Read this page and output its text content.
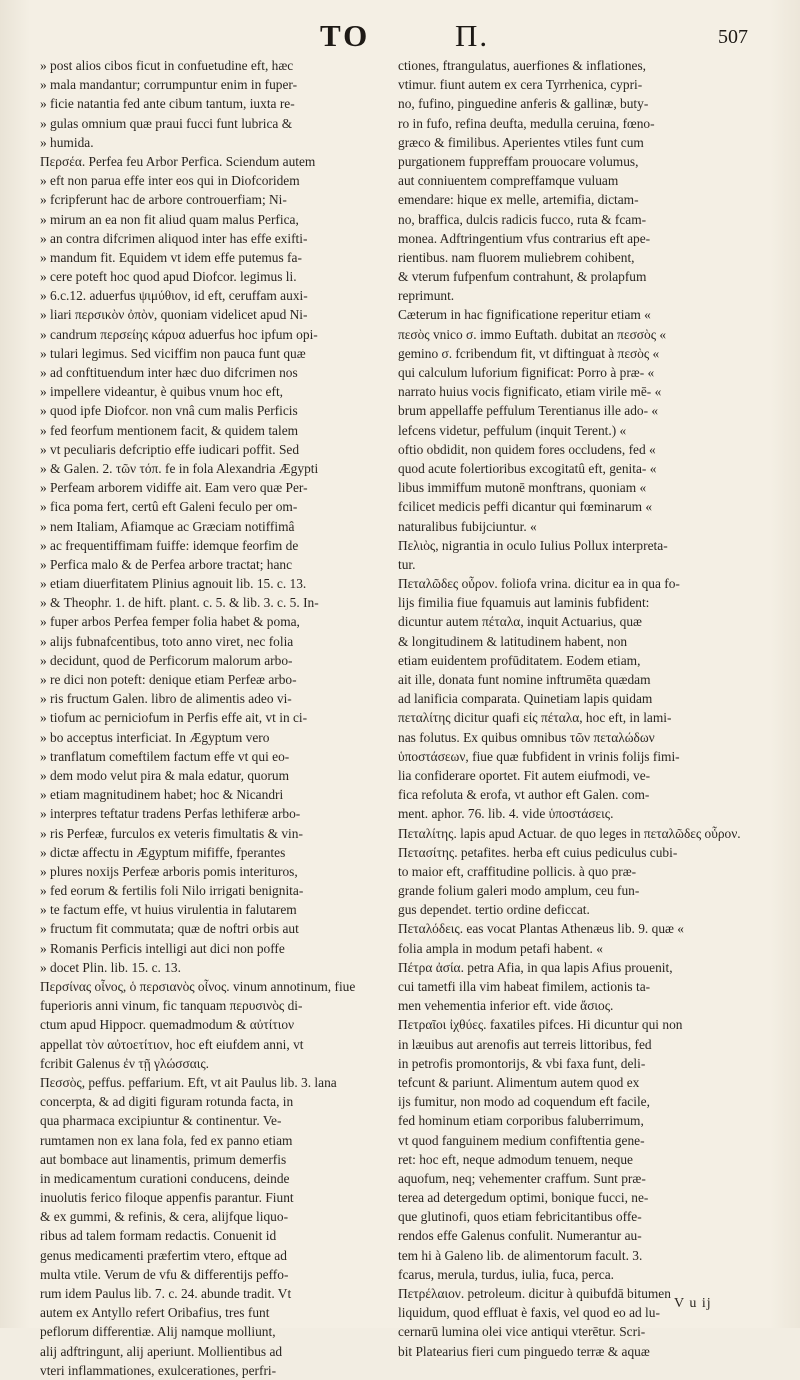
TO	П.	507
» post alios cibos ficut in confuetudine eft, hæc
» mala mandantur; corrumpuntur enim in fuper-
» ficie natantia fed ante cibum tantum, iuxta re-
» gulas omnium quæ praui fucci funt lubrica &
» humida.
Περσέα. Perfea feu Arbor Perfica. Sciendum autem
» eft non parua effe inter eos qui in Diofcoridem
» fcripferunt hac de arbore controuerfiam; Ni-
» mirum an ea non fit aliud quam malus Perfica,
» an contra difcrimen aliquod inter has effe exifti-
» mandum fit. Equidem vt idem effe putemus fa-
» cere poteft hoc quod apud Diofcor. legimus li.
» 6.c.12. aduerfus ψιμύθιον, id eft, ceruffam auxi-
» liari περσικὸν ὀπὸν, quoniam videlicet apud Ni-
» candrum περσείης κάρυα aduerfus hoc ipfum opi-
» tulari legimus. Sed viciffim non pauca funt quæ
» ad conftituendum inter hæc duo difcrimen nos
» impellere videantur, è quibus vnum hoc eft,
» quod ipfe Diofcor. non vnâ cum malis Perficis
» fed feorfum mentionem facit, & quidem talem
» vt peculiaris defcriptio effe iudicari poffit. Sed
» & Galen. 2. τῶν τόπ. fe in fola Alexandria Ægypti
» Perfeam arborem vidiffe ait. Eam vero quæ Per-
» fica poma fert, certû eft Galeni feculo per om-
» nem Italiam, Afiamque ac Græciam notiffimâ
» ac frequentiffimam fuiffe: idemque feorfim de
» Perfica malo & de Perfea arbore tractat; hanc
» etiam diuerfitatem Plinius agnouit lib. 15. c. 13.
» & Theophr. 1. de hift. plant. c. 5. & lib. 3. c. 5. In-
» fuper arbos Perfea femper folia habet & poma,
» alijs fubnafcentibus, toto anno viret, nec folia
» decidunt, quod de Perficorum malorum arbo-
» re dici non poteft: denique etiam Perfeæ arbo-
» ris fructum Galen. libro de alimentis adeo vi-
» tiofum ac perniciofum in Perfis effe ait, vt in ci-
» bo acceptus interficiat. In Ægyptum vero
» tranflatum comeftilem factum effe vt qui eo-
» dem modo velut pira & mala edatur, quorum
» etiam magnitudinem habet; hoc & Nicandri
» interpres teftatur tradens Perfas lethiferæ arbo-
» ris Perfeæ, furculos ex veteris fimultatis & vin-
» dictæ affectu in Ægyptum mififfe, fperantes
» plures noxijs Perfeæ arboris pomis interituros,
» fed eorum & fertilis foli Nilo irrigati benignita-
» te factum effe, vt huius virulentia in falutarem
» fructum fit commutata; quæ de noftri orbis aut
» Romanis Perficis intelligi aut dici non poffe
» docet Plin. lib. 15. c. 13.
Περσίνας οἶνος, ὁ περσιανὸς οἶνος. vinum annotinum, fiue
fuperioris anni vinum, fic tanquam περυσινὸς di-
ctum apud Hippocr. quemadmodum & αὐτίτιον
appellat τὸν αὐτοετίτιον, hoc eft eiufdem anni, vt
fcribit Galenus ἐν τῇ γλώσσαις.
Πεσσὸς, peffus. peffarium. Eft, vt ait Paulus lib. 3. lana
concerpta, & ad digiti figuram rotunda facta, in
qua pharmaca excipiuntur & continentur. Ve-
rumtamen non ex lana fola, fed ex panno etiam
aut bombace aut linamentis, primum demerfis
in medicamentum curationi conducens, deinde
inuolutis ferico filoque appenfis parantur. Fiunt
& ex gummi, & refinis, & cera, alijfque liquo-
ribus ad talem formam redactis. Conuenit id
genus medicamenti præfertim vtero, eftque ad
multa vtile. Verum de vfu & differentijs peffo-
rum idem Paulus lib. 7. c. 24. abunde tradit. Vt
autem ex Antyllo refert Oribafius, tres funt
peflorum differentiæ. Alij namque molliunt,
alij adftringunt, alij aperiunt. Mollientibus ad
vteri inflammationes, exulcerationes, perfri-
ctiones, ftrangulatus, auerfiones & inflationes,
vtimur. fiunt autem ex cera Tyrrhenica, cypri-
no, fufino, pinguedine anferis & gallinæ, buty-
ro in fufo, refina deufta, medulla ceruina, fœno-
græco & fimilibus. Aperientes vtiles funt cum
purgationem fuppreffam prouocare volumus,
aut conniuentem compreffamque vuluam
emendare: hique ex melle, artemifia, dictam-
no, braffica, dulcis radicis fucco, ruta & fcam-
monea. Adftringentium vfus contrarius eft ape-
rientibus. nam fluorem muliebrem cohibent,
& vterum fufpenfum contrahunt, & prolapfum
reprimunt.
Cæterum in hac fignificatione reperitur etiam «
πεσὸς vnico σ. immo Euftath. dubitat an πεσσὸς «
gemino σ. fcribendum fit, vt diftinguat à πεσὸς «
qui calculum luforium fignificat: Porro à præ- «
narrato huius vocis fignificato, etiam virile mē- «
brum appellaffe peffulum Terentianus ille ado- «
lefcens videtur, peffulum (inquit Terent.) «
oftio obdidit, non quidem fores occludens, fed «
quod acute folertioribus excogitatû eft, genita- «
libus immiffum mutonē monftrans, quoniam «
fcilicet medicis peffi dicantur qui fœminarum «
naturalibus fubijciuntur. «
Πελιὸς, nigrantia in oculo Iulius Pollux interpreta-
tur.
Πεταλῶδες οὖρον. foliofa vrina. dicitur ea in qua fo-
lijs fimilia fiue fquamuis aut laminis fubfident:
dicuntur autem πέταλα, inquit Actuarius, quæ
& longitudinem & latitudinem habent, non
etiam euidentem profūditatem. Eodem etiam,
ait ille, donata funt nomine inftrumēta quædam
ad lanificia comparata. Quinetiam lapis quidam
πεταλίτης dicitur quafi εἰς πέταλα, hoc eft, in lami-
nas folutus. Ex quibus omnibus τῶν πεταλώδων
ὑποστάσεων, fiue quæ fubfident in vrinis folijs fimi-
lia confiderare oportet. Fit autem eiufmodi, ve-
fica refoluta & erofa, vt author eft Galen. com-
ment. aphor. 76. lib. 4. vide ὑποστάσεις.
Πεταλίτης. lapis apud Actuar. de quo leges in πεταλῶδες οὖρον.
Πετασίτης. petafites. herba eft cuius pediculus cubi-
to maior eft, craffitudine pollicis. à quo præ-
grande folium galeri modo amplum, ceu fun-
gus dependet. tertio ordine deficcat.
Πεταλόδεις. eas vocat Plantas Athenæus lib. 9. quæ «
folia ampla in modum petafi habent. «
Πέτρα ἀσία. petra Afia, in qua lapis Afius prouenit,
cui tametfi illa vim habeat fimilem, actionis ta-
men vehementia inferior eft. vide ἄσιος.
Πετραῖοι ἰχθύες. faxatiles pifces. Hi dicuntur qui non
in læuibus aut arenofis aut terreis littoribus, fed
in petrofis promontorijs, & vbi faxa funt, deli-
tefcunt & pariunt. Alimentum autem quod ex
ijs fumitur, non modo ad coquendum eft facile,
fed hominum etiam corporibus faluberrimum,
vt quod fanguinem medium confiftentia gene-
ret: hoc eft, neque admodum tenuem, neque
aquofum, neq; vehementer craffum. Sunt præ-
terea ad detergedum optimi, bonique fucci, ne-
que glutinofi, quos etiam febricitantibus offe-
rendos effe Galenus confulit. Numerantur au-
tem hi à Galeno lib. de alimentorum facult. 3.
fcarus, merula, turdus, iulia, fuca, perca.
Πετρέλαιον. petroleum. dicitur à quibufdā bitumen
liquidum, quod effluat è faxis, vel quod eo ad lu-
cernarū lumina olei vice antiqui vterētur. Scri-
bit Platearius fieri cum pinguedo terræ & aquæ
V u ij
